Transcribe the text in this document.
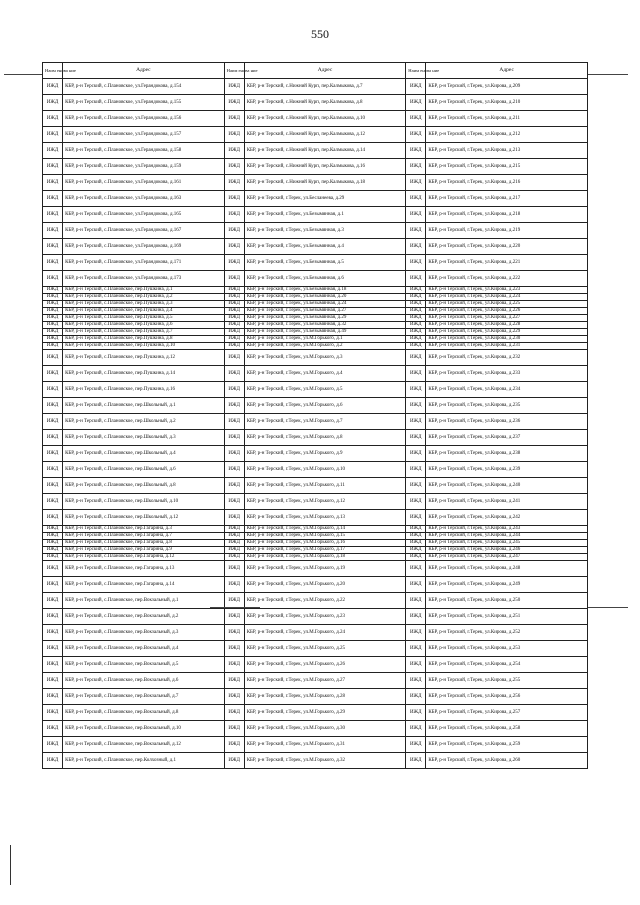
550
Наим енова ние	Адрес	Наим енова ние	Адрес	Наим енова ние	Адрес
ИЖД	КБР, р-н Терский, с.Плановское, ул.Герандокова, д.154	ИЖД	КБР, р-н Терский, с.Нижний Курп, пер.Калмыкова, д.7	ИЖД	КБР, р-н Терский, г.Терек, ул.Кирова, д.209
ИЖД	КБР, р-н Терский, с.Плановское, ул.Герандокова, д.155	ИЖД	КБР, р-н Терский, с.Нижний Курп, пер.Калмыкова, д.8	ИЖД	КБР, р-н Терский, г.Терек, ул.Кирова, д.210
ИЖД	КБР, р-н Терский, с.Плановское, ул.Герандокова, д.156	ИЖД	КБР, р-н Терский, с.Нижний Курп, пер.Калмыкова, д.10	ИЖД	КБР, р-н Терский, г.Терек, ул.Кирова, д.211
ИЖД	КБР, р-н Терский, с.Плановское, ул.Герандокова, д.157	ИЖД	КБР, р-н Терский, с.Нижний Курп, пер.Калмыкова, д.12	ИЖД	КБР, р-н Терский, г.Терек, ул.Кирова, д.212
ИЖД	КБР, р-н Терский, с.Плановское, ул.Герандокова, д.158	ИЖД	КБР, р-н Терский, с.Нижний Курп, пер.Калмыкова, д.14	ИЖД	КБР, р-н Терский, г.Терек, ул.Кирова, д.213
ИЖД	КБР, р-н Терский, с.Плановское, ул.Герандокова, д.159	ИЖД	КБР, р-н Терский, с.Нижний Курп, пер.Калмыкова, д.16	ИЖД	КБР, р-н Терский, г.Терек, ул.Кирова, д.215
ИЖД	КБР, р-н Терский, с.Плановское, ул.Герандокова, д.161	ИЖД	КБР, р-н Терский, с.Нижний Курп, пер.Калмыкова, д.18	ИЖД	КБР, р-н Терский, г.Терек, ул.Кирова, д.216
ИЖД	КБР, р-н Терский, с.Плановское, ул.Герандокова, д.163	ИЖД	КБР, р-н Терский, г.Терек, ул.Бесланеева, д.29	ИЖД	КБР, р-н Терский, г.Терек, ул.Кирова, д.217
ИЖД	КБР, р-н Терский, с.Плановское, ул.Герандокова, д.165	ИЖД	КБР, р-н Терский, г.Терек, ул.Безымянная, д.1	ИЖД	КБР, р-н Терский, г.Терек, ул.Кирова, д.218
ИЖД	КБР, р-н Терский, с.Плановское, ул.Герандокова, д.167	ИЖД	КБР, р-н Терский, г.Терек, ул.Безымянная, д.3	ИЖД	КБР, р-н Терский, г.Терек, ул.Кирова, д.219
ИЖД	КБР, р-н Терский, с.Плановское, ул.Герандокова, д.169	ИЖД	КБР, р-н Терский, г.Терек, ул.Безымянная, д.4	ИЖД	КБР, р-н Терский, г.Терек, ул.Кирова, д.220
ИЖД	КБР, р-н Терский, с.Плановское, ул.Герандокова, д.171	ИЖД	КБР, р-н Терский, г.Терек, ул.Безымянная, д.5	ИЖД	КБР, р-н Терский, г.Терек, ул.Кирова, д.221
ИЖД	КБР, р-н Терский, с.Плановское, ул.Герандокова, д.173	ИЖД	КБР, р-н Терский, г.Терек, ул.Безымянная, д.6	ИЖД	КБР, р-н Терский, г.Терек, ул.Кирова, д.222
ИЖД	КБР, р-н Терский, с.Плановское, пер.Пушкина, д.1	ИЖД	КБР, р-н Терский, г.Терек, ул.Безымянная, д.18	ИЖД	КБР, р-н Терский, г.Терек, ул.Кирова, д.223
ИЖД	КБР, р-н Терский, с.Плановское, пер.Пушкина, д.2	ИЖД	КБР, р-н Терский, г.Терек, ул.Безымянная, д.20	ИЖД	КБР, р-н Терский, г.Терек, ул.Кирова, д.224
ИЖД	КБР, р-н Терский, с.Плановское, пер.Пушкина, д.3	ИЖД	КБР, р-н Терский, г.Терек, ул.Безымянная, д.24	ИЖД	КБР, р-н Терский, г.Терек, ул.Кирова, д.225
ИЖД	КБР, р-н Терский, с.Плановское, пер.Пушкина, д.4	ИЖД	КБР, р-н Терский, г.Терек, ул.Безымянная, д.27	ИЖД	КБР, р-н Терский, г.Терек, ул.Кирова, д.226
ИЖД	КБР, р-н Терский, с.Плановское, пер.Пушкина, д.5	ИЖД	КБР, р-н Терский, г.Терек, ул.Безымянная, д.29	ИЖД	КБР, р-н Терский, г.Терек, ул.Кирова, д.227
ИЖД	КБР, р-н Терский, с.Плановское, пер.Пушкина, д.6	ИЖД	КБР, р-н Терский, г.Терек, ул.Безымянная, д.32	ИЖД	КБР, р-н Терский, г.Терек, ул.Кирова, д.228
ИЖД	КБР, р-н Терский, с.Плановское, пер.Пушкина, д.7	ИЖД	КБР, р-н Терский, г.Терек, ул.Безымянная, д.49	ИЖД	КБР, р-н Терский, г.Терек, ул.Кирова, д.229
ИЖД	КБР, р-н Терский, с.Плановское, пер.Пушкина, д.8	ИЖД	КБР, р-н Терский, г.Терек, ул.М.Горького, д.1	ИЖД	КБР, р-н Терский, г.Терек, ул.Кирова, д.230
ИЖД	КБР, р-н Терский, с.Плановское, пер.Пушкина, д.10	ИЖД	КБР, р-н Терский, г.Терек, ул.М.Горького, д.2	ИЖД	КБР, р-н Терский, г.Терек, ул.Кирова, д.231
ИЖД	КБР, р-н Терский, с.Плановское, пер.Пушкина, д.12	ИЖД	КБР, р-н Терский, г.Терек, ул.М.Горького, д.3	ИЖД	КБР, р-н Терский, г.Терек, ул.Кирова, д.232
ИЖД	КБР, р-н Терский, с.Плановское, пер.Пушкина, д.14	ИЖД	КБР, р-н Терский, г.Терек, ул.М.Горького, д.4	ИЖД	КБР, р-н Терский, г.Терек, ул.Кирова, д.233
ИЖД	КБР, р-н Терский, с.Плановское, пер.Пушкина, д.16	ИЖД	КБР, р-н Терский, г.Терек, ул.М.Горького, д.5	ИЖД	КБР, р-н Терский, г.Терек, ул.Кирова, д.234
ИЖД	КБР, р-н Терский, с.Плановское, пер.Школьный, д.1	ИЖД	КБР, р-н Терский, г.Терек, ул.М.Горького, д.6	ИЖД	КБР, р-н Терский, г.Терек, ул.Кирова, д.235
ИЖД	КБР, р-н Терский, с.Плановское, пер.Школьный, д.2	ИЖД	КБР, р-н Терский, г.Терек, ул.М.Горького, д.7	ИЖД	КБР, р-н Терский, г.Терек, ул.Кирова, д.236
ИЖД	КБР, р-н Терский, с.Плановское, пер.Школьный, д.3	ИЖД	КБР, р-н Терский, г.Терек, ул.М.Горького, д.8	ИЖД	КБР, р-н Терский, г.Терек, ул.Кирова, д.237
ИЖД	КБР, р-н Терский, с.Плановское, пер.Школьный, д.4	ИЖД	КБР, р-н Терский, г.Терек, ул.М.Горького, д.9	ИЖД	КБР, р-н Терский, г.Терек, ул.Кирова, д.238
ИЖД	КБР, р-н Терский, с.Плановское, пер.Школьный, д.6	ИЖД	КБР, р-н Терский, г.Терек, ул.М.Горького, д.10	ИЖД	КБР, р-н Терский, г.Терек, ул.Кирова, д.239
ИЖД	КБР, р-н Терский, с.Плановское, пер.Школьный, д.8	ИЖД	КБР, р-н Терский, г.Терек, ул.М.Горького, д.11	ИЖД	КБР, р-н Терский, г.Терек, ул.Кирова, д.240
ИЖД	КБР, р-н Терский, с.Плановское, пер.Школьный, д.10	ИЖД	КБР, р-н Терский, г.Терек, ул.М.Горького, д.12	ИЖД	КБР, р-н Терский, г.Терек, ул.Кирова, д.241
ИЖД	КБР, р-н Терский, с.Плановское, пер.Школьный, д.12	ИЖД	КБР, р-н Терский, г.Терек, ул.М.Горького, д.13	ИЖД	КБР, р-н Терский, г.Терек, ул.Кирова, д.242
ИЖД	КБР, р-н Терский, с.Плановское, пер.Гагарина, д.3	ИЖД	КБР, р-н Терский, г.Терек, ул.М.Горького, д.14	ИЖД	КБР, р-н Терский, г.Терек, ул.Кирова, д.243
ИЖД	КБР, р-н Терский, с.Плановское, пер.Гагарина, д.7	ИЖД	КБР, р-н Терский, г.Терек, ул.М.Горького, д.15	ИЖД	КБР, р-н Терский, г.Терек, ул.Кирова, д.244
ИЖД	КБР, р-н Терский, с.Плановское, пер.Гагарина, д.8	ИЖД	КБР, р-н Терский, г.Терек, ул.М.Горького, д.16	ИЖД	КБР, р-н Терский, г.Терек, ул.Кирова, д.245
ИЖД	КБР, р-н Терский, с.Плановское, пер.Гагарина, д.9	ИЖД	КБР, р-н Терский, г.Терек, ул.М.Горького, д.17	ИЖД	КБР, р-н Терский, г.Терек, ул.Кирова, д.246
ИЖД	КБР, р-н Терский, с.Плановское, пер.Гагарина, д.12	ИЖД	КБР, р-н Терский, г.Терек, ул.М.Горького, д.18	ИЖД	КБР, р-н Терский, г.Терек, ул.Кирова, д.247
ИЖД	КБР, р-н Терский, с.Плановское, пер.Гагарина, д.13	ИЖД	КБР, р-н Терский, г.Терек, ул.М.Горького, д.19	ИЖД	КБР, р-н Терский, г.Терек, ул.Кирова, д.248
ИЖД	КБР, р-н Терский, с.Плановское, пер.Гагарина, д.14	ИЖД	КБР, р-н Терский, г.Терек, ул.М.Горького, д.20	ИЖД	КБР, р-н Терский, г.Терек, ул.Кирова, д.249
ИЖД	КБР, р-н Терский, с.Плановское, пер.Вокзальный, д.1	ИЖД	КБР, р-н Терский, г.Терек, ул.М.Горького, д.22	ИЖД	КБР, р-н Терский, г.Терек, ул.Кирова, д.250
ИЖД	КБР, р-н Терский, с.Плановское, пер.Вокзальный, д.2	ИЖД	КБР, р-н Терский, г.Терек, ул.М.Горького, д.23	ИЖД	КБР, р-н Терский, г.Терек, ул.Кирова, д.251
ИЖД	КБР, р-н Терский, с.Плановское, пер.Вокзальный, д.3	ИЖД	КБР, р-н Терский, г.Терек, ул.М.Горького, д.24	ИЖД	КБР, р-н Терский, г.Терек, ул.Кирова, д.252
ИЖД	КБР, р-н Терский, с.Плановское, пер.Вокзальный, д.4	ИЖД	КБР, р-н Терский, г.Терек, ул.М.Горького, д.25	ИЖД	КБР, р-н Терский, г.Терек, ул.Кирова, д.253
ИЖД	КБР, р-н Терский, с.Плановское, пер.Вокзальный, д.5	ИЖД	КБР, р-н Терский, г.Терек, ул.М.Горького, д.26	ИЖД	КБР, р-н Терский, г.Терек, ул.Кирова, д.254
ИЖД	КБР, р-н Терский, с.Плановское, пер.Вокзальный, д.6	ИЖД	КБР, р-н Терский, г.Терек, ул.М.Горького, д.27	ИЖД	КБР, р-н Терский, г.Терек, ул.Кирова, д.255
ИЖД	КБР, р-н Терский, с.Плановское, пер.Вокзальный, д.7	ИЖД	КБР, р-н Терский, г.Терек, ул.М.Горького, д.28	ИЖД	КБР, р-н Терский, г.Терек, ул.Кирова, д.256
ИЖД	КБР, р-н Терский, с.Плановское, пер.Вокзальный, д.8	ИЖД	КБР, р-н Терский, г.Терек, ул.М.Горького, д.29	ИЖД	КБР, р-н Терский, г.Терек, ул.Кирова, д.257
ИЖД	КБР, р-н Терский, с.Плановское, пер.Вокзальный, д.10	ИЖД	КБР, р-н Терский, г.Терек, ул.М.Горького, д.30	ИЖД	КБР, р-н Терский, г.Терек, ул.Кирова, д.258
ИЖД	КБР, р-н Терский, с.Плановское, пер.Вокзальный, д.12	ИЖД	КБР, р-н Терский, г.Терек, ул.М.Горького, д.31	ИЖД	КБР, р-н Терский, г.Терек, ул.Кирова, д.259
ИЖД	КБР, р-н Терский, с.Плановское, пер.Колхозный, д.1	ИЖД	КБР, р-н Терский, г.Терек, ул.М.Горького, д.32	ИЖД	КБР, р-н Терский, г.Терек, ул.Кирова, д.260
